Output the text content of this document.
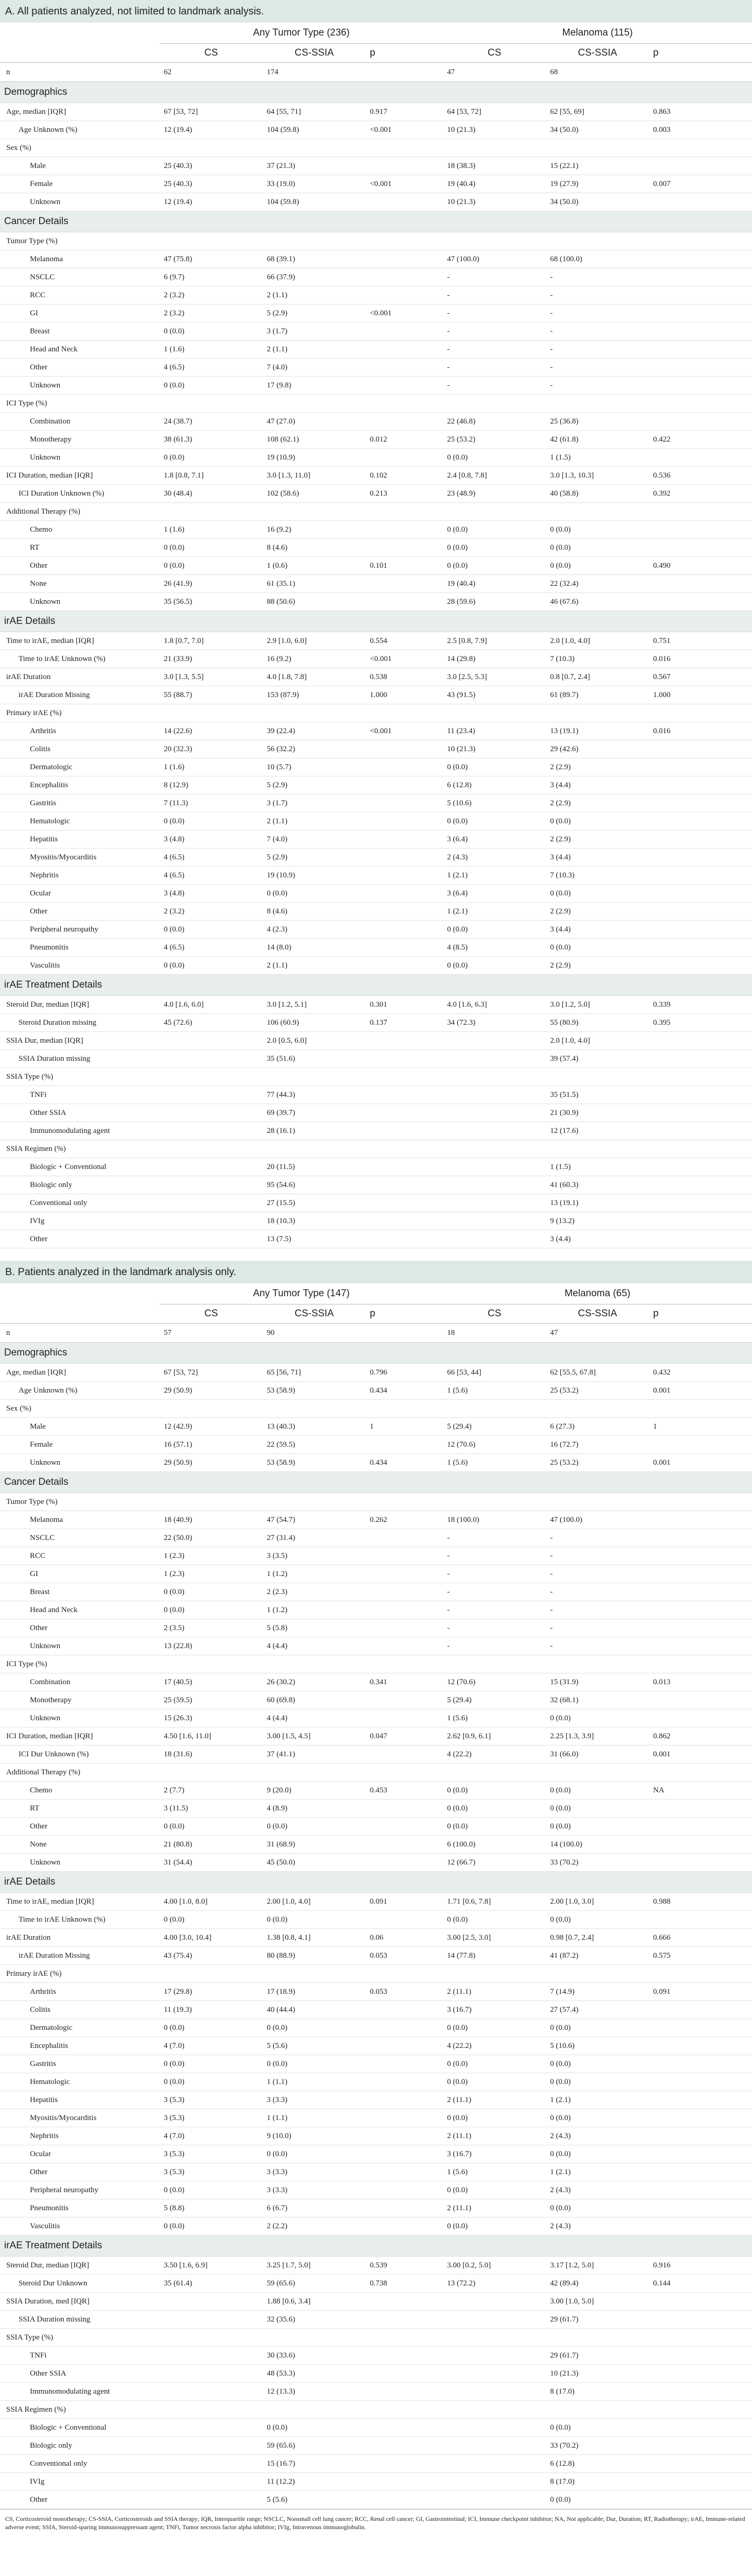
A. All patients analyzed, not limited to landmark analysis.
	Any Tumor Type (236)			Melanoma (115)		
	CS	CS-SSIA	p	CS	CS-SSIA	p
n	62	174		47	68	
Demographics						
Age, median [IQR]	67 [53, 72]	64 [55, 71]	0.917	64 [53, 72]	62 [55, 69]	0.863
Age Unknown (%)	12 (19.4)	104 (59.8)	<0.001	10 (21.3)	34 (50.0)	0.003
Sex (%)						
Male	25 (40.3)	37 (21.3)		18 (38.3)	15 (22.1)	
Female	25 (40.3)	33 (19.0)	<0.001	19 (40.4)	19 (27.9)	0.007
Unknown	12 (19.4)	104 (59.8)		10 (21.3)	34 (50.0)	
Cancer Details						
Tumor Type (%)						
Melanoma	47 (75.8)	68 (39.1)		47 (100.0)	68 (100.0)	
NSCLC	6 (9.7)	66 (37.9)		-	-	
RCC	2 (3.2)	2 (1.1)		-	-	
GI	2 (3.2)	5 (2.9)	<0.001	-	-	
Breast	0 (0.0)	3 (1.7)		-	-	
Head and Neck	1 (1.6)	2 (1.1)		-	-	
Other	4 (6.5)	7 (4.0)		-	-	
Unknown	0 (0.0)	17 (9.8)		-	-	
ICI Type (%)						
Combination	24 (38.7)	47 (27.0)		22 (46.8)	25 (36.8)	
Monotherapy	38 (61.3)	108 (62.1)	0.012	25 (53.2)	42 (61.8)	0.422
Unknown	0 (0.0)	19 (10.9)		0 (0.0)	1 (1.5)	
ICI Duration, median [IQR]	1.8 [0.8, 7.1]	3.0 [1.3, 11.0]	0.102	2.4 [0.8, 7.8]	3.0 [1.3, 10.3]	0.536
ICI Duration Unknown (%)	30 (48.4)	102 (58.6)	0.213	23 (48.9)	40 (58.8)	0.392
Additional Therapy (%)						
Chemo	1 (1.6)	16 (9.2)		0 (0.0)	0 (0.0)	
RT	0 (0.0)	8 (4.6)		0 (0.0)	0 (0.0)	
Other	0 (0.0)	1 (0.6)	0.101	0 (0.0)	0 (0.0)	0.490
None	26 (41.9)	61 (35.1)		19 (40.4)	22 (32.4)	
Unknown	35 (56.5)	88 (50.6)		28 (59.6)	46 (67.6)	
irAE Details						
Time to irAE, median [IQR]	1.8 [0.7, 7.0]	2.9 [1.0, 6.0]	0.554	2.5 [0.8, 7.9]	2.0 [1.0, 4.0]	0.751
Time to irAE Unknown (%)	21 (33.9)	16 (9.2)	<0.001	14 (29.8)	7 (10.3)	0.016
irAE Duration	3.0 [1.3, 5.5]	4.0 [1.8, 7.8]	0.538	3.0 [2.5, 5.3]	0.8 [0.7, 2.4]	0.567
irAE Duration Missing	55 (88.7)	153 (87.9)	1.000	43 (91.5)	61 (89.7)	1.000
Primary irAE (%)						
Arthritis	14 (22.6)	39 (22.4)	<0.001	11 (23.4)	13 (19.1)	0.016
Colitis	20 (32.3)	56 (32.2)		10 (21.3)	29 (42.6)	
Dermatologic	1 (1.6)	10 (5.7)		0 (0.0)	2 (2.9)	
Encephalitis	8 (12.9)	5 (2.9)		6 (12.8)	3 (4.4)	
Gastritis	7 (11.3)	3 (1.7)		5 (10.6)	2 (2.9)	
Hematologic	0 (0.0)	2 (1.1)		0 (0.0)	0 (0.0)	
Hepatitis	3 (4.8)	7 (4.0)		3 (6.4)	2 (2.9)	
Myositis/Myocarditis	4 (6.5)	5 (2.9)		2 (4.3)	3 (4.4)	
Nephritis	4 (6.5)	19 (10.9)		1 (2.1)	7 (10.3)	
Ocular	3 (4.8)	0 (0.0)		3 (6.4)	0 (0.0)	
Other	2 (3.2)	8 (4.6)		1 (2.1)	2 (2.9)	
Peripheral neuropathy	0 (0.0)	4 (2.3)		0 (0.0)	3 (4.4)	
Pneumonitis	4 (6.5)	14 (8.0)		4 (8.5)	0 (0.0)	
Vasculitis	0 (0.0)	2 (1.1)		0 (0.0)	2 (2.9)	
irAE Treatment Details						
Steroid Dur, median [IQR]	4.0 [1.6, 6.0]	3.0 [1.2, 5.1]	0.301	4.0 [1.6, 6.3]	3.0 [1.2, 5.0]	0.339
Steroid Duration missing	45 (72.6)	106 (60.9)	0.137	34 (72.3)	55 (80.9)	0.395
SSIA Dur, median [IQR]		2.0 [0.5, 6.0]			2.0 [1.0, 4.0]	
SSIA Duration missing		35 (51.6)			39 (57.4)	
SSIA Type (%)						
TNFi		77 (44.3)			35 (51.5)	
Other SSIA		69 (39.7)			21 (30.9)	
Immunomodulating agent		28 (16.1)			12 (17.6)	
SSIA Regimen (%)						
Biologic + Conventional		20 (11.5)			1 (1.5)	
Biologic only		95 (54.6)			41 (60.3)	
Conventional only		27 (15.5)			13 (19.1)	
IVIg		18 (10.3)			9 (13.2)	
Other		13 (7.5)			3 (4.4)	
B. Patients analyzed in the landmark analysis only.
	Any Tumor Type (147)			Melanoma (65)		
	CS	CS-SSIA	p	CS	CS-SSIA	p
n	57	90		18	47	
Demographics						
Age, median [IQR]	67 [53, 72]	65 [56, 71]	0.796	66 [53, 44]	62 [55.5, 67.8]	0.432
Age Unknown (%)	29 (50.9)	53 (58.9)	0.434	1 (5.6)	25 (53.2)	0.001
Sex (%)						
Male	12 (42.9)	13 (40.3)	1	5 (29.4)	6 (27.3)	1
Female	16 (57.1)	22 (59.5)		12 (70.6)	16 (72.7)	
Unknown	29 (50.9)	53 (58.9)	0.434	1 (5.6)	25 (53.2)	0.001
Cancer Details						
Tumor Type (%)						
Melanoma	18 (40.9)	47 (54.7)	0.262	18 (100.0)	47 (100.0)	
NSCLC	22 (50.0)	27 (31.4)		-	-	
RCC	1 (2.3)	3 (3.5)		-	-	
GI	1 (2.3)	1 (1.2)		-	-	
Breast	0 (0.0)	2 (2.3)		-	-	
Head and Neck	0 (0.0)	1 (1.2)		-	-	
Other	2 (3.5)	5 (5.8)		-	-	
Unknown	13 (22.8)	4 (4.4)		-	-	
ICI Type (%)						
Combination	17 (40.5)	26 (30.2)	0.341	12 (70.6)	15 (31.9)	0.013
Monotherapy	25 (59.5)	60 (69.8)		5 (29.4)	32 (68.1)	
Unknown	15 (26.3)	4 (4.4)		1 (5.6)	0 (0.0)	
ICI Duration, median [IQR]	4.50 [1.6, 11.0]	3.00 [1.5, 4.5]	0.047	2.62 [0.9, 6.1]	2.25 [1.3, 3.9]	0.862
ICI Dur Unknown (%)	18 (31.6)	37 (41.1)		4 (22.2)	31 (66.0)	0.001
Additional Therapy (%)						
Chemo	2 (7.7)	9 (20.0)	0.453	0 (0.0)	0 (0.0)	NA
RT	3 (11.5)	4 (8.9)		0 (0.0)	0 (0.0)	
Other	0 (0.0)	0 (0.0)		0 (0.0)	0 (0.0)	
None	21 (80.8)	31 (68.9)		6 (100.0)	14 (100.0)	
Unknown	31 (54.4)	45 (50.0)		12 (66.7)	33 (70.2)	
irAE Details						
Time to irAE, median [IQR]	4.00 [1.0, 8.0]	2.00 [1.0, 4.0]	0.091	1.71 [0.6, 7.8]	2.00 [1.0, 3.0]	0.988
Time to irAE Unknown (%)	0 (0.0)	0 (0.0)		0 (0.0)	0 (0.0)	
irAE Duration	4.00 [3.0, 10.4]	1.38 [0.8, 4.1]	0.06	3.00 [2.5, 3.0]	0.98 [0.7, 2.4]	0.666
irAE Duration Missing	43 (75.4)	80 (88.9)	0.053	14 (77.8)	41 (87.2)	0.575
Primary irAE (%)						
Arthritis	17 (29.8)	17 (18.9)	0.053	2 (11.1)	7 (14.9)	0.091
Colitis	11 (19.3)	40 (44.4)		3 (16.7)	27 (57.4)	
Dermatologic	0 (0.0)	0 (0.0)		0 (0.0)	0 (0.0)	
Encephalitis	4 (7.0)	5 (5.6)		4 (22.2)	5 (10.6)	
Gastritis	0 (0.0)	0 (0.0)		0 (0.0)	0 (0.0)	
Hematologic	0 (0.0)	1 (1.1)		0 (0.0)	0 (0.0)	
Hepatitis	3 (5.3)	3 (3.3)		2 (11.1)	1 (2.1)	
Myositis/Myocarditis	3 (5.3)	1 (1.1)		0 (0.0)	0 (0.0)	
Nephritis	4 (7.0)	9 (10.0)		2 (11.1)	2 (4.3)	
Ocular	3 (5.3)	0 (0.0)		3 (16.7)	0 (0.0)	
Other	3 (5.3)	3 (3.3)		1 (5.6)	1 (2.1)	
Peripheral neuropathy	0 (0.0)	3 (3.3)		0 (0.0)	2 (4.3)	
Pneumonitis	5 (8.8)	6 (6.7)		2 (11.1)	0 (0.0)	
Vasculitis	0 (0.0)	2 (2.2)		0 (0.0)	2 (4.3)	
irAE Treatment Details						
Steroid Dur, median [IQR]	3.50 [1.6, 6.9]	3.25 [1.7, 5.0]	0.539	3.00 [0.2, 5.0]	3.17 [1.2, 5.0]	0.916
Steroid Dur Unknown	35 (61.4)	59 (65.6)	0.738	13 (72.2)	42 (89.4)	0.144
SSIA Duration, med [IQR]		1.88 [0.6, 3.4]			3.00 [1.0, 5.0]	
SSIA Duration missing		32 (35.6)			29 (61.7)	
SSIA Type (%)						
TNFi		30 (33.6)			29 (61.7)	
Other SSIA		48 (53.3)			10 (21.3)	
Immunomodulating agent		12 (13.3)			8 (17.0)	
SSIA Regimen (%)						
Biologic + Conventional		0 (0.0)			0 (0.0)	
Biologic only		59 (65.6)			33 (70.2)	
Conventional only		15 (16.7)			6 (12.8)	
IVIg		11 (12.2)			8 (17.0)	
Other		5 (5.6)			0 (0.0)	
CS, Corticosteroid monotherapy; CS-SSIA, Corticosteroids and SSIA therapy; IQR, Interquartile range; NSCLC, Nonsmall cell lung cancer; RCC, Renal cell cancer; GI, Gastrointestinal; ICI, Immune checkpoint inhibitor; NA, Not applicable; Dur, Duration; RT, Radiotherapy; irAE, Immune-related adverse event; SSIA, Steroid-sparing immunosuppressant agent; TNFi, Tumor necrosis factor alpha inhibitor; IVIg, Intravenous immunoglobulin.
